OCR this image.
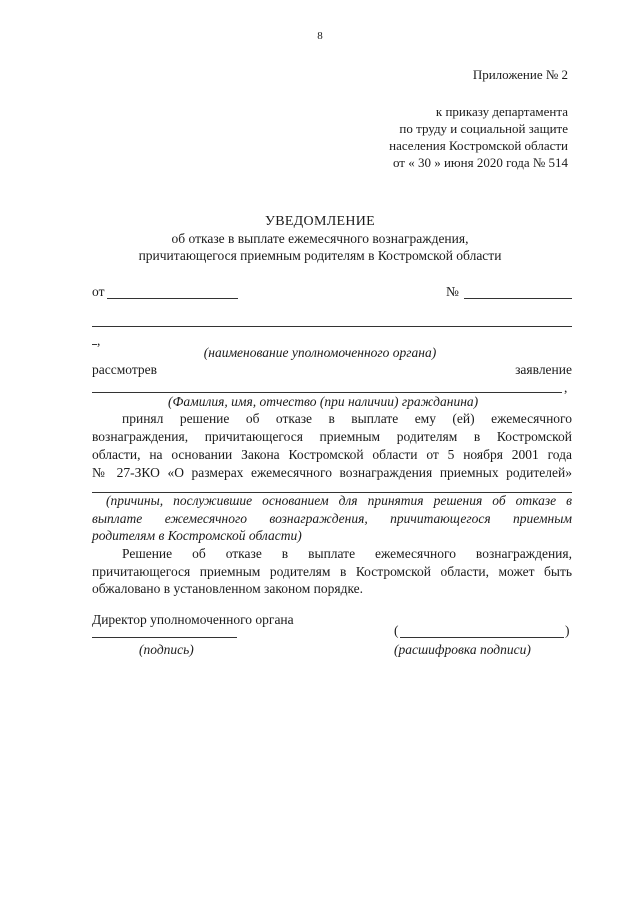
8
Приложение № 2
к приказу департамента
по труду и социальной защите
населения Костромской области
от « 30 » июня 2020 года № 514
УВЕДОМЛЕНИЕ
об отказе в выплате ежемесячного вознаграждения,
причитающегося приемным родителям в Костромской области
от	№
,
(наименование уполномоченного органа)
рассмотрев	заявление
,
(Фамилия, имя, отчество (при наличии) гражданина)
принял решение об отказе в выплате ему (ей) ежемесячного
вознаграждения, причитающегося приемным родителям в Костромской
области, на основании Закона Костромской области от 5 ноября 2001 года
№ 27-ЗКО «О размерах ежемесячного вознаграждения приемных родителей»
(причины, послужившие основанием для принятия решения об отказе в
выплате ежемесячного вознаграждения, причитающегося приемным
родителям в Костромской области)
Решение об отказе в выплате ежемесячного вознаграждения,
причитающегося приемным родителям в Костромской области, может быть
обжаловано в установленном законом порядке.
Директор уполномоченного органа
(подпись)
(	)
(расшифровка подписи)
